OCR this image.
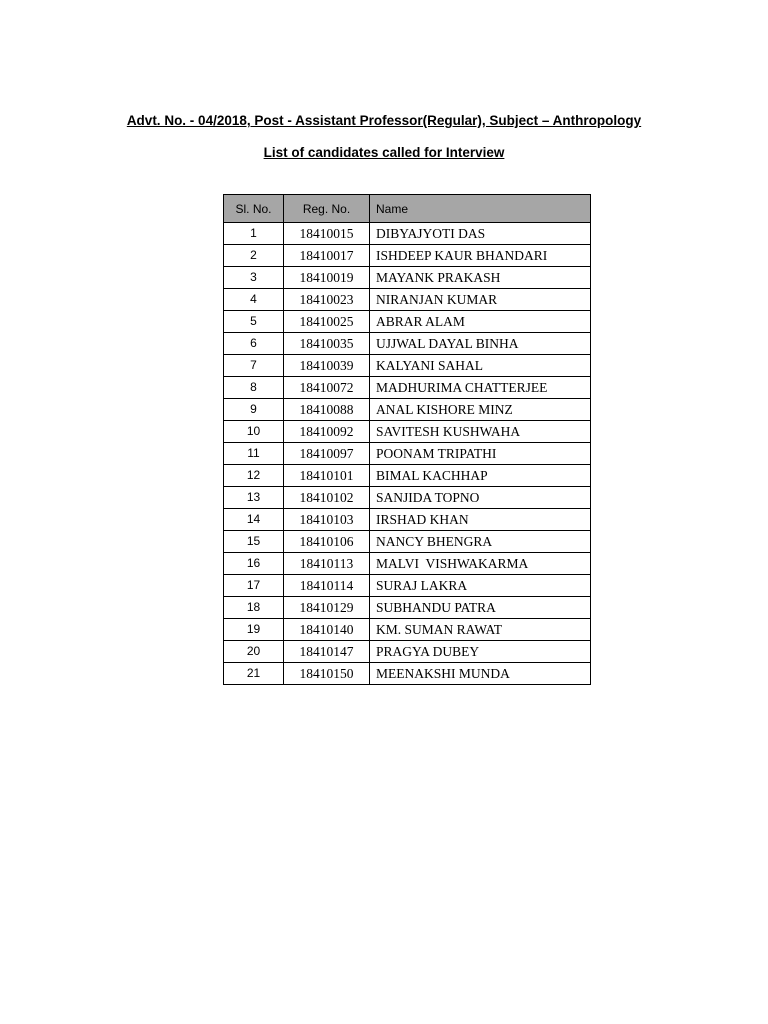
Advt. No. - 04/2018, Post - Assistant Professor(Regular), Subject – Anthropology
List of candidates called for Interview
Sl. No.	Reg. No.	Name
1	18410015	DIBYAJYOTI DAS
2	18410017	ISHDEEP KAUR BHANDARI
3	18410019	MAYANK PRAKASH
4	18410023	NIRANJAN KUMAR
5	18410025	ABRAR ALAM
6	18410035	UJJWAL DAYAL BINHA
7	18410039	KALYANI SAHAL
8	18410072	MADHURIMA CHATTERJEE
9	18410088	ANAL KISHORE MINZ
10	18410092	SAVITESH KUSHWAHA
11	18410097	POONAM TRIPATHI
12	18410101	BIMAL KACHHAP
13	18410102	SANJIDA TOPNO
14	18410103	IRSHAD KHAN
15	18410106	NANCY BHENGRA
16	18410113	MALVI  VISHWAKARMA
17	18410114	SURAJ LAKRA
18	18410129	SUBHANDU PATRA
19	18410140	KM. SUMAN RAWAT
20	18410147	PRAGYA DUBEY
21	18410150	MEENAKSHI MUNDA
